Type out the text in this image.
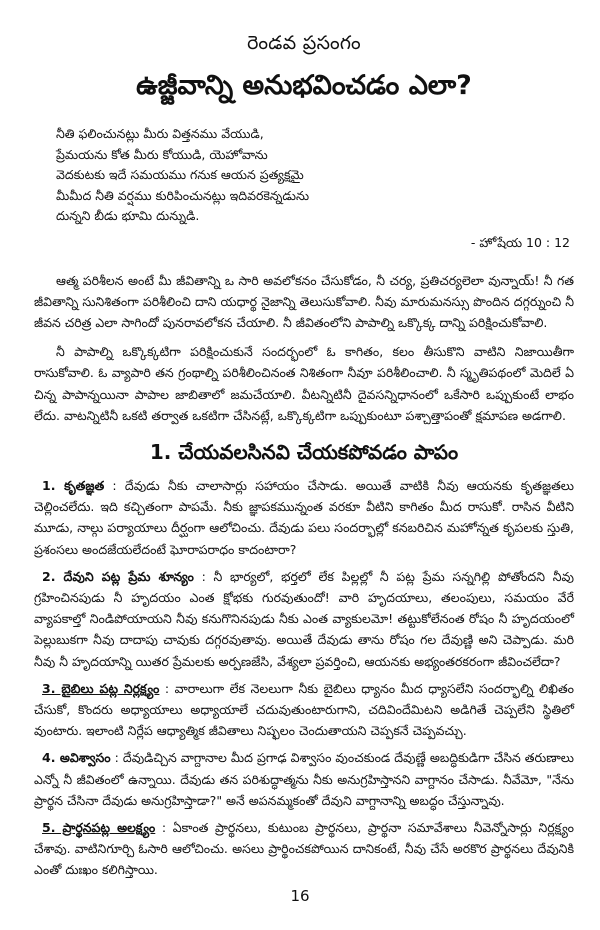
రెండవ ప్రసంగం
ఉజ్జీవాన్ని అనుభవించడం ఎలా?
నీతి ఫలించునట్లు మీరు విత్తనము వేయుడి,
ప్రేమయను కోత మీరు కోయుడి, యెహోవాను
వెదకుటకు ఇదే సమయము గనుక ఆయన ప్రత్యక్షమై
మీమీద నీతి వర్షము కురిపించునట్లు ఇదివరకెన్నడును
దున్నని బీడు భూమి దున్నుడి.
- హోషేయ 10 : 12

ఆత్మ పరిశీలన అంటే మీ జీవితాన్ని ఒ సారి అవలోకనం చేసుకోడం, నీ చర్య, ప్రతిచర్యలెలా వున్నాయ్! నీ గత జీవితాన్ని సునిశితంగా పరిశీలించి దాని యధార్థ నైజాన్ని తెలుసుకోవాలి. నీవు మారుమనస్సు పొందిన దగ్గర్నుంచి నీ జీవన చరిత్ర ఎలా సాగిందో పునరావలోకన చేయాలి. నీ జీవితంలోని పాపాల్ని ఒక్కొక్క దాన్ని పరిక్షించుకోవాలి.

నీ పాపాల్ని ఒక్కొక్కటిగా పరిక్షించుకునే సందర్భంలో ఓ కాగితం, కలం తీసుకొని వాటిని నిజాయితీగా రాసుకోవాలి. ఓ వ్యాపారి తన గ్రంథాల్ని పరిశీలించినంత నిశితంగా నీవూ పరిశీలించాలి. నీ స్మృతిపథంలో మెదిలే ఏ చిన్న పాపాన్నయినా పాపాల జాబితాలో జమచేయాలి. వీటన్నిటినీ దైవసన్నిధానంలో ఒకేసారి ఒప్పుకుంటే లాభం లేదు. వాటన్నిటినీ ఒకటి తర్వాత ఒకటిగా చేసినట్లే, ఒక్కొక్కటిగా ఒప్పుకుంటూ పశ్చాత్తాపంతో క్షమాపణ అడగాలి.

1. చేయవలసినవి చేయకపోవడం పాపం

1. కృతజ్ఞత : దేవుడు నీకు చాలాసార్లు సహాయం చేసాడు. అయితే వాటికి నీవు ఆయనకు కృతజ్ఞతలు చెల్లించలేదు. ఇది కచ్చితంగా పాపమే. నీకు జ్ఞాపకమున్నంత వరకూ వీటిని కాగితం మీద రాసుకో. రాసిన వీటిని మూడు, నాల్గు పర్యాయాలు దీర్ఘంగా ఆలోచించు. దేవుడు పలు సందర్భాల్లో కనబరిచిన మహోన్నత కృపలకు స్తుతి, ప్రశంసలు అందజేయలేదంటే ఘోరాపరాధం కాదంటారా?

2. దేవుని పట్ల ప్రేమ శూన్యం : నీ భార్యలో, భర్తలో లేక పిల్లల్లో నీ పట్ల ప్రేమ సన్నగిల్లి పోతోందని నీవు గ్రహించినపుడు నీ హృదయం ఎంత క్షోభకు గురవుతుందో! వారి హృదయాలు, తలంపులు, సమయం వేరే వ్యాపకాల్తో నిండిపోయాయని నీవు కనుగొనినపుడు నీకు ఎంత వ్యాకులమో! తట్టుకోలేనంత రోషం నీ హృదయంలో పెల్లుబుకగా నీవు దాదాపు చావుకు దగ్గరవుతావు. అయితే దేవుడు తాను రోషం గల దేవుణ్ణి అని చెప్పాడు. మరి నీవు నీ హృదయాన్ని యితర ప్రేమలకు అర్పణజేసి, వేశ్యలా ప్రవర్తించి, ఆయనకు అభ్యంతరకరంగా జీవించలేదా?

3. బైబిలు పట్ల నిర్లక్ష్యం : వారాలుగా లేక నెలలుగా నీకు బైబిలు ధ్యానం మీద ధ్యాసలేని సందర్భాల్ని లిఖితం చేసుకో, కొందరు అధ్యాయాలు అధ్యాయాలే చదువుతుంటారుగాని, చదివిందేమిటని అడిగితే చెప్పలేని స్థితిలో వుంటారు. ఇలాంటి నిర్లేప ఆధ్యాత్మిక జీవితాలు నిష్ఫలం చెందుతాయని చెప్పకనే చెప్పవచ్చు.

4. అవిశ్వాసం : దేవుడిచ్చిన వాగ్దానాల మీద ప్రగాఢ విశ్వాసం వుంచకుండ దేవుణ్ణే అబద్ధికుడిగా చేసిన తరుణాలు ఎన్నో నీ జీవితంలో ఉన్నాయి. దేవుడు తన పరిశుద్ధాత్మను నీకు అనుగ్రహిస్తానని వాగ్దానం చేసాడు. నీవేమో, "నేను ప్రార్థన చేసినా దేవుడు అనుగ్రహిస్తాడా?" అనే అపనమ్మకంతో దేవుని వాగ్దానాన్ని అబద్ధం చేస్తున్నావు.

5. ప్రార్థనపట్ల అలక్ష్యం : ఏకాంత ప్రార్థనలు, కుటుంబ ప్రార్థనలు, ప్రార్థనా సమావేశాలు నీవెన్నోసార్లు నిర్లక్ష్యం చేశావు. వాటినిగూర్చి ఓసారి ఆలోచించు. అసలు ప్రార్థించకపోయిన దానికంటే, నీవు చేసే అరకొర ప్రార్థనలు దేవునికి ఎంతో దుఃఖం కలిగిస్తాయి.

16
